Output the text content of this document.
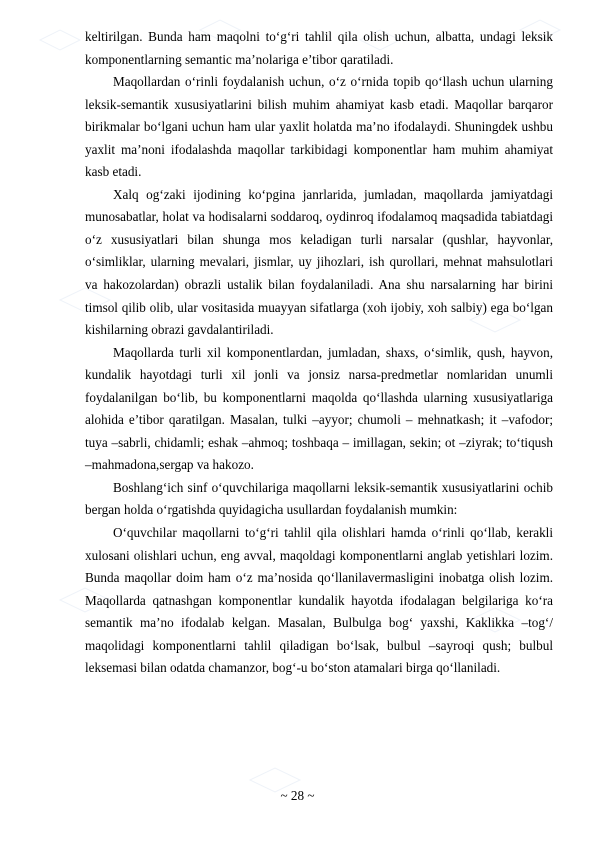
keltirilgan. Bunda ham maqolni to‘g‘ri tahlil qila olish uchun, albatta, undagi leksik komponentlarning semantic ma’nolariga e’tibor qaratiladi.

Maqollardan o‘rinli foydalanish uchun, o‘z o‘rnida topib qo‘llash uchun ularning leksik-semantik xususiyatlarini bilish muhim ahamiyat kasb etadi. Maqollar barqaror birikmalar bo‘lgani uchun ham ular yaxlit holatda ma’no ifodalaydi. Shuningdek ushbu yaxlit ma’noni ifodalashda maqollar tarkibidagi komponentlar ham muhim ahamiyat kasb etadi.

Xalq og‘zaki ijodining ko‘pgina janrlarida, jumladan, maqollarda jamiyatdagi munosabatlar, holat va hodisalarni soddaroq, oydinroq ifodalamoq maqsadida tabiatdagi o‘z xususiyatlari bilan shunga mos keladigan turli narsalar (qushlar, hayvonlar, o‘simliklar, ularning mevalari, jismlar, uy jihozlari, ish qurollari, mehnat mahsulotlari va hakozolardan) obrazli ustalik bilan foydalaniladi. Ana shu narsalarning har birini timsol qilib olib, ular vositasida muayyan sifatlarga (xoh ijobiy, xoh salbiy) ega bo‘lgan kishilarning obrazi gavdalantiriladi.

Maqollarda turli xil komponentlardan, jumladan, shaxs, o‘simlik, qush, hayvon, kundalik hayotdagi turli xil jonli va jonsiz narsa-predmetlar nomlaridan unumli foydalanilgan bo‘lib, bu komponentlarni maqolda qo‘llashda ularning xususiyatlariga alohida e’tibor qaratilgan. Masalan, tulki –ayyor; chumoli – mehnatkash; it –vafodor; tuya –sabrli, chidamli; eshak –ahmoq; toshbaqa – imillagan, sekin; ot –ziyrak; to‘tiqush –mahmadona,sergap va hakozo.

Boshlang‘ich sinf o‘quvchilariga maqollarni leksik-semantik xususiyatlarini ochib bergan holda o‘rgatishda quyidagicha usullardan foydalanish mumkin:

O‘quvchilar maqollarni to‘g‘ri tahlil qila olishlari hamda o‘rinli qo‘llab, kerakli xulosani olishlari uchun, eng avval, maqoldagi komponentlarni anglab yetishlari lozim. Bunda maqollar doim ham o‘z ma’nosida qo‘llanilavermasligini inobatga olish lozim. Maqollarda qatnashgan komponentlar kundalik hayotda ifodalagan belgilariga ko‘ra semantik ma’no ifodalab kelgan. Masalan, Bulbulga bog‘ yaxshi, Kaklikka –tog‘/ maqolidagi komponentlarni tahlil qiladigan bo‘lsak, bulbul –sayroqi qush; bulbul leksemasi bilan odatda chamanzor, bog‘-u bo‘ston atamalari birga qo‘llaniladi.

~ 28 ~
